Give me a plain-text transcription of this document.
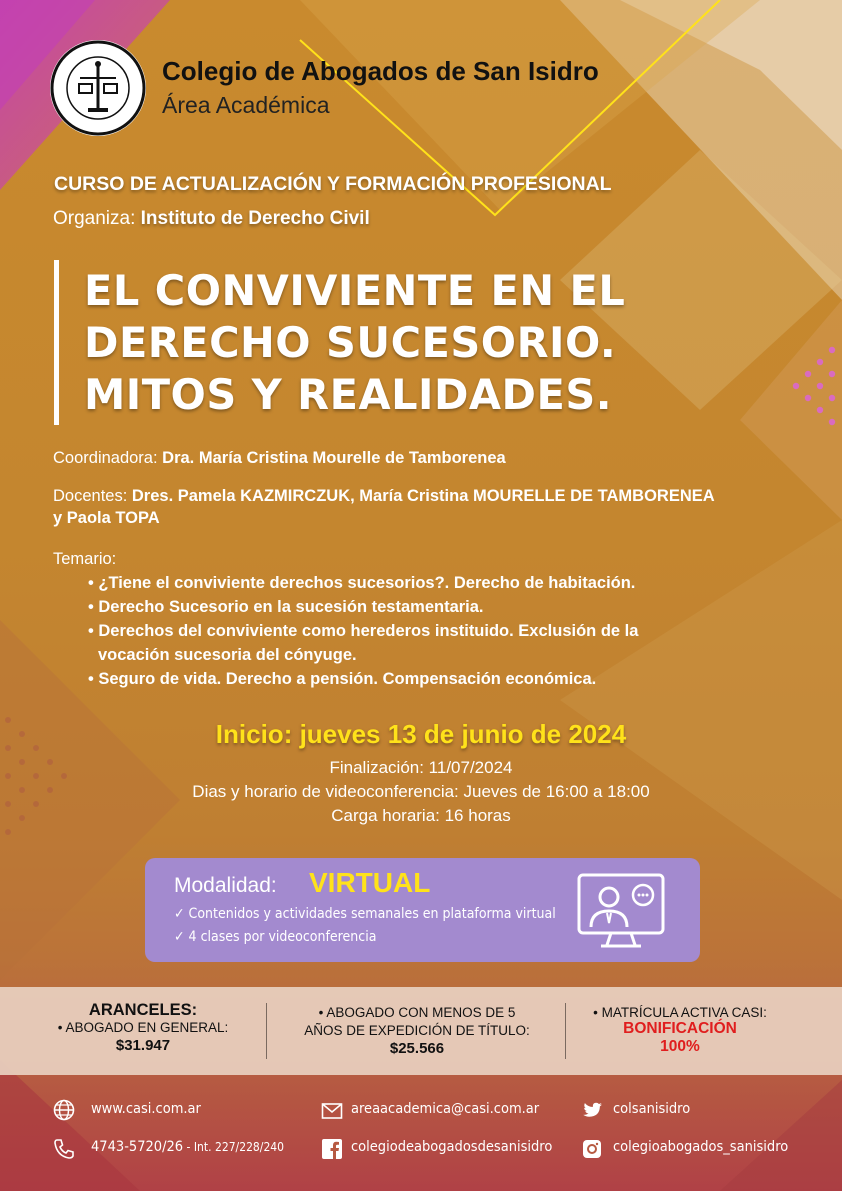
Colegio de Abogados de San Isidro
Área Académica
CURSO DE ACTUALIZACIÓN Y FORMACIÓN PROFESIONAL
Organiza: Instituto de Derecho Civil
EL CONVIVIENTE EN EL
DERECHO SUCESORIO.
MITOS Y REALIDADES.
Coordinadora: Dra. María Cristina Mourelle de Tamborenea
Docentes: Dres. Pamela KAZMIRCZUK, María Cristina MOURELLE DE TAMBORENEA
y Paola TOPA
Temario:
• ¿Tiene el conviviente derechos sucesorios?. Derecho de habitación.
• Derecho Sucesorio en la sucesión testamentaria.
• Derechos del conviviente como herederos instituido. Exclusión de la
vocación sucesoria del cónyuge.
• Seguro de vida. Derecho a pensión. Compensación económica.
Inicio: jueves 13 de junio de 2024
Finalización: 11/07/2024
Dias y horario de videoconferencia: Jueves de 16:00 a 18:00
Carga horaria: 16 horas
Modalidad: VIRTUAL
✓ Contenidos y actividades semanales en plataforma virtual
✓ 4 clases por videoconferencia
ARANCELES:
• ABOGADO EN GENERAL:
$31.947
• ABOGADO CON MENOS DE 5
AÑOS DE EXPEDICIÓN DE TÍTULO:
$25.566
• MATRÍCULA ACTIVA CASI:
BONIFICACIÓN
100%
www.casi.com.ar
4743-5720/26 - Int. 227/228/240
areaacademica@casi.com.ar
colegiodeabogadosdesanisidro
colsanisidro
colegioabogados_sanisidro
